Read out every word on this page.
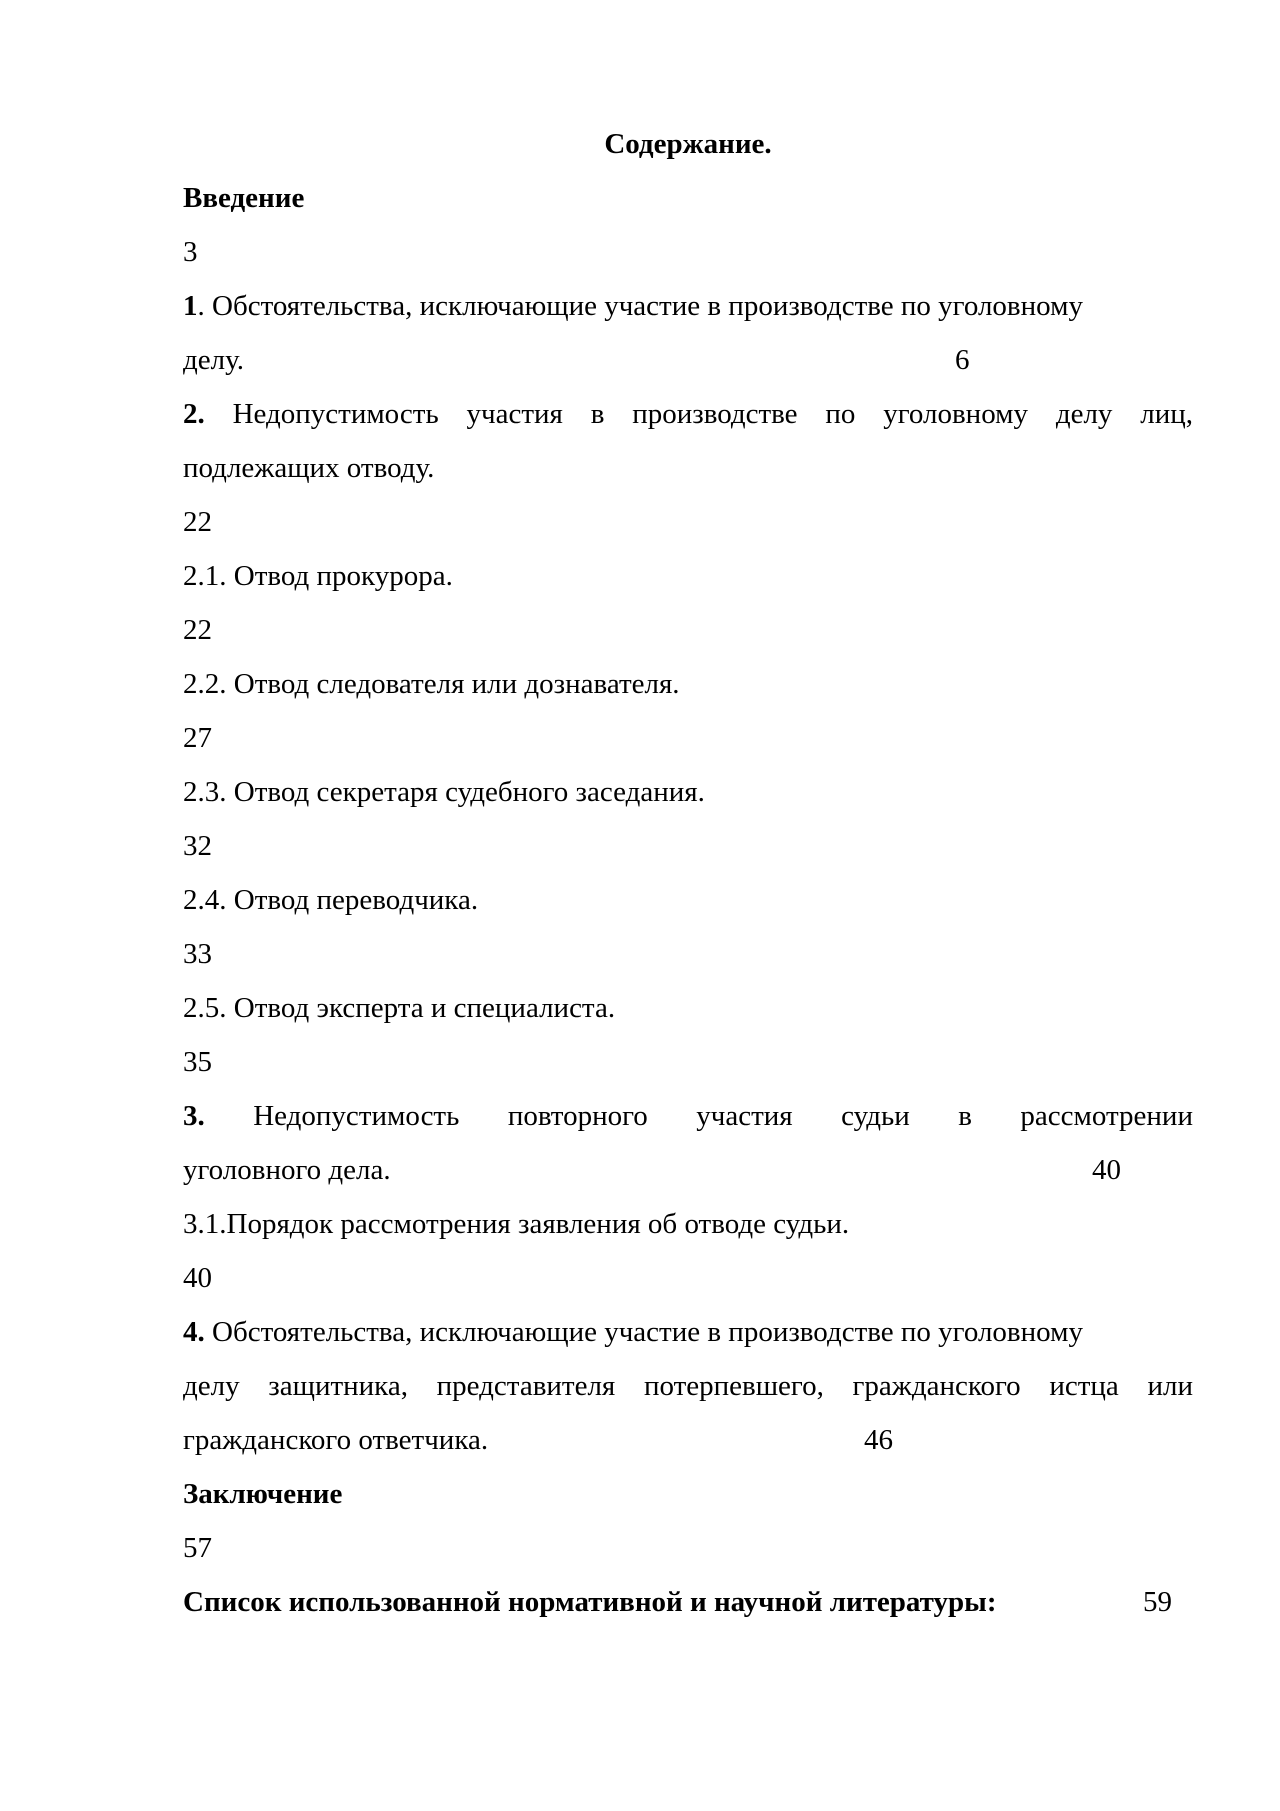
Содержание.
Введение
3
1. Обстоятельства, исключающие участие в производстве по уголовному
делу.	6
2. Недопустимость участия в производстве по уголовному делу лиц,
подлежащих отводу.
22
2.1. Отвод прокурора.
22
2.2. Отвод следователя или дознавателя.
27
2.3. Отвод секретаря судебного заседания.
32
2.4. Отвод переводчика.
33
2.5. Отвод эксперта и специалиста.
35
3. Недопустимость повторного участия судьи в рассмотрении
уголовного дела.	40
3.1.Порядок рассмотрения заявления об отводе судьи.
40
4. Обстоятельства, исключающие участие в производстве по уголовному
делу защитника, представителя потерпевшего, гражданского истца или
гражданского ответчика.	46
Заключение
57
Список использованной нормативной и научной литературы:	59
